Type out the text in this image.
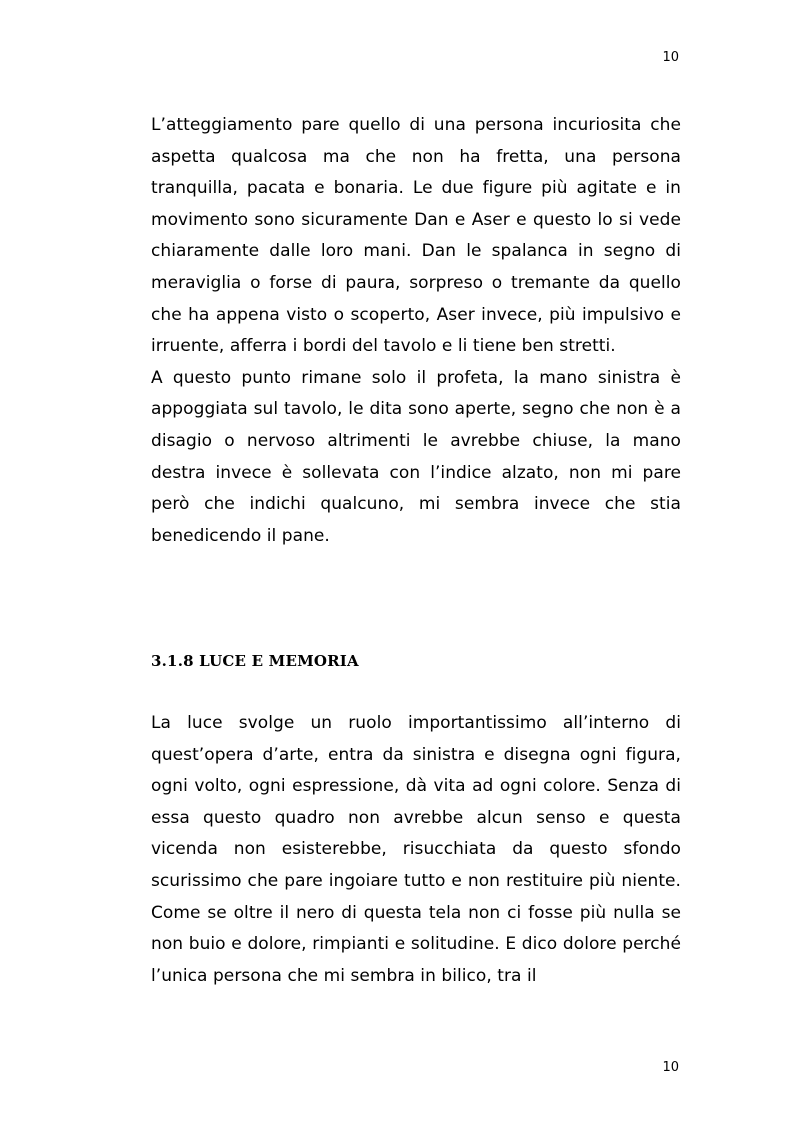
10

L’atteggiamento pare quello di una persona incuriosita che aspetta qualcosa ma che non ha fretta, una persona tranquilla, pacata e bonaria. Le due figure più agitate e in movimento sono sicuramente Dan e Aser e questo lo si vede chiaramente dalle loro mani. Dan le spalanca in segno di meraviglia o forse di paura, sorpreso o tremante da quello che ha appena visto o scoperto, Aser invece, più impulsivo e irruente, afferra i bordi del tavolo e li tiene ben stretti.

A questo punto rimane solo il profeta, la mano sinistra è appoggiata sul tavolo, le dita sono aperte, segno che non è a disagio o nervoso altrimenti le avrebbe chiuse, la mano destra invece è sollevata con l’indice alzato, non mi pare però che indichi qualcuno, mi sembra invece che stia benedicendo il pane.

3.1.8 LUCE E MEMORIA

La luce svolge un ruolo importantissimo all’interno di quest’opera d’arte, entra da sinistra e disegna ogni figura, ogni volto, ogni espressione, dà vita ad ogni colore. Senza di essa questo quadro non avrebbe alcun senso e questa vicenda non esisterebbe, risucchiata da questo sfondo scurissimo che pare ingoiare tutto e non restituire più niente. Come se oltre il nero di questa tela non ci fosse più nulla se non buio e dolore, rimpianti e solitudine. E dico dolore perché l’unica persona che mi sembra in bilico, tra il

10
